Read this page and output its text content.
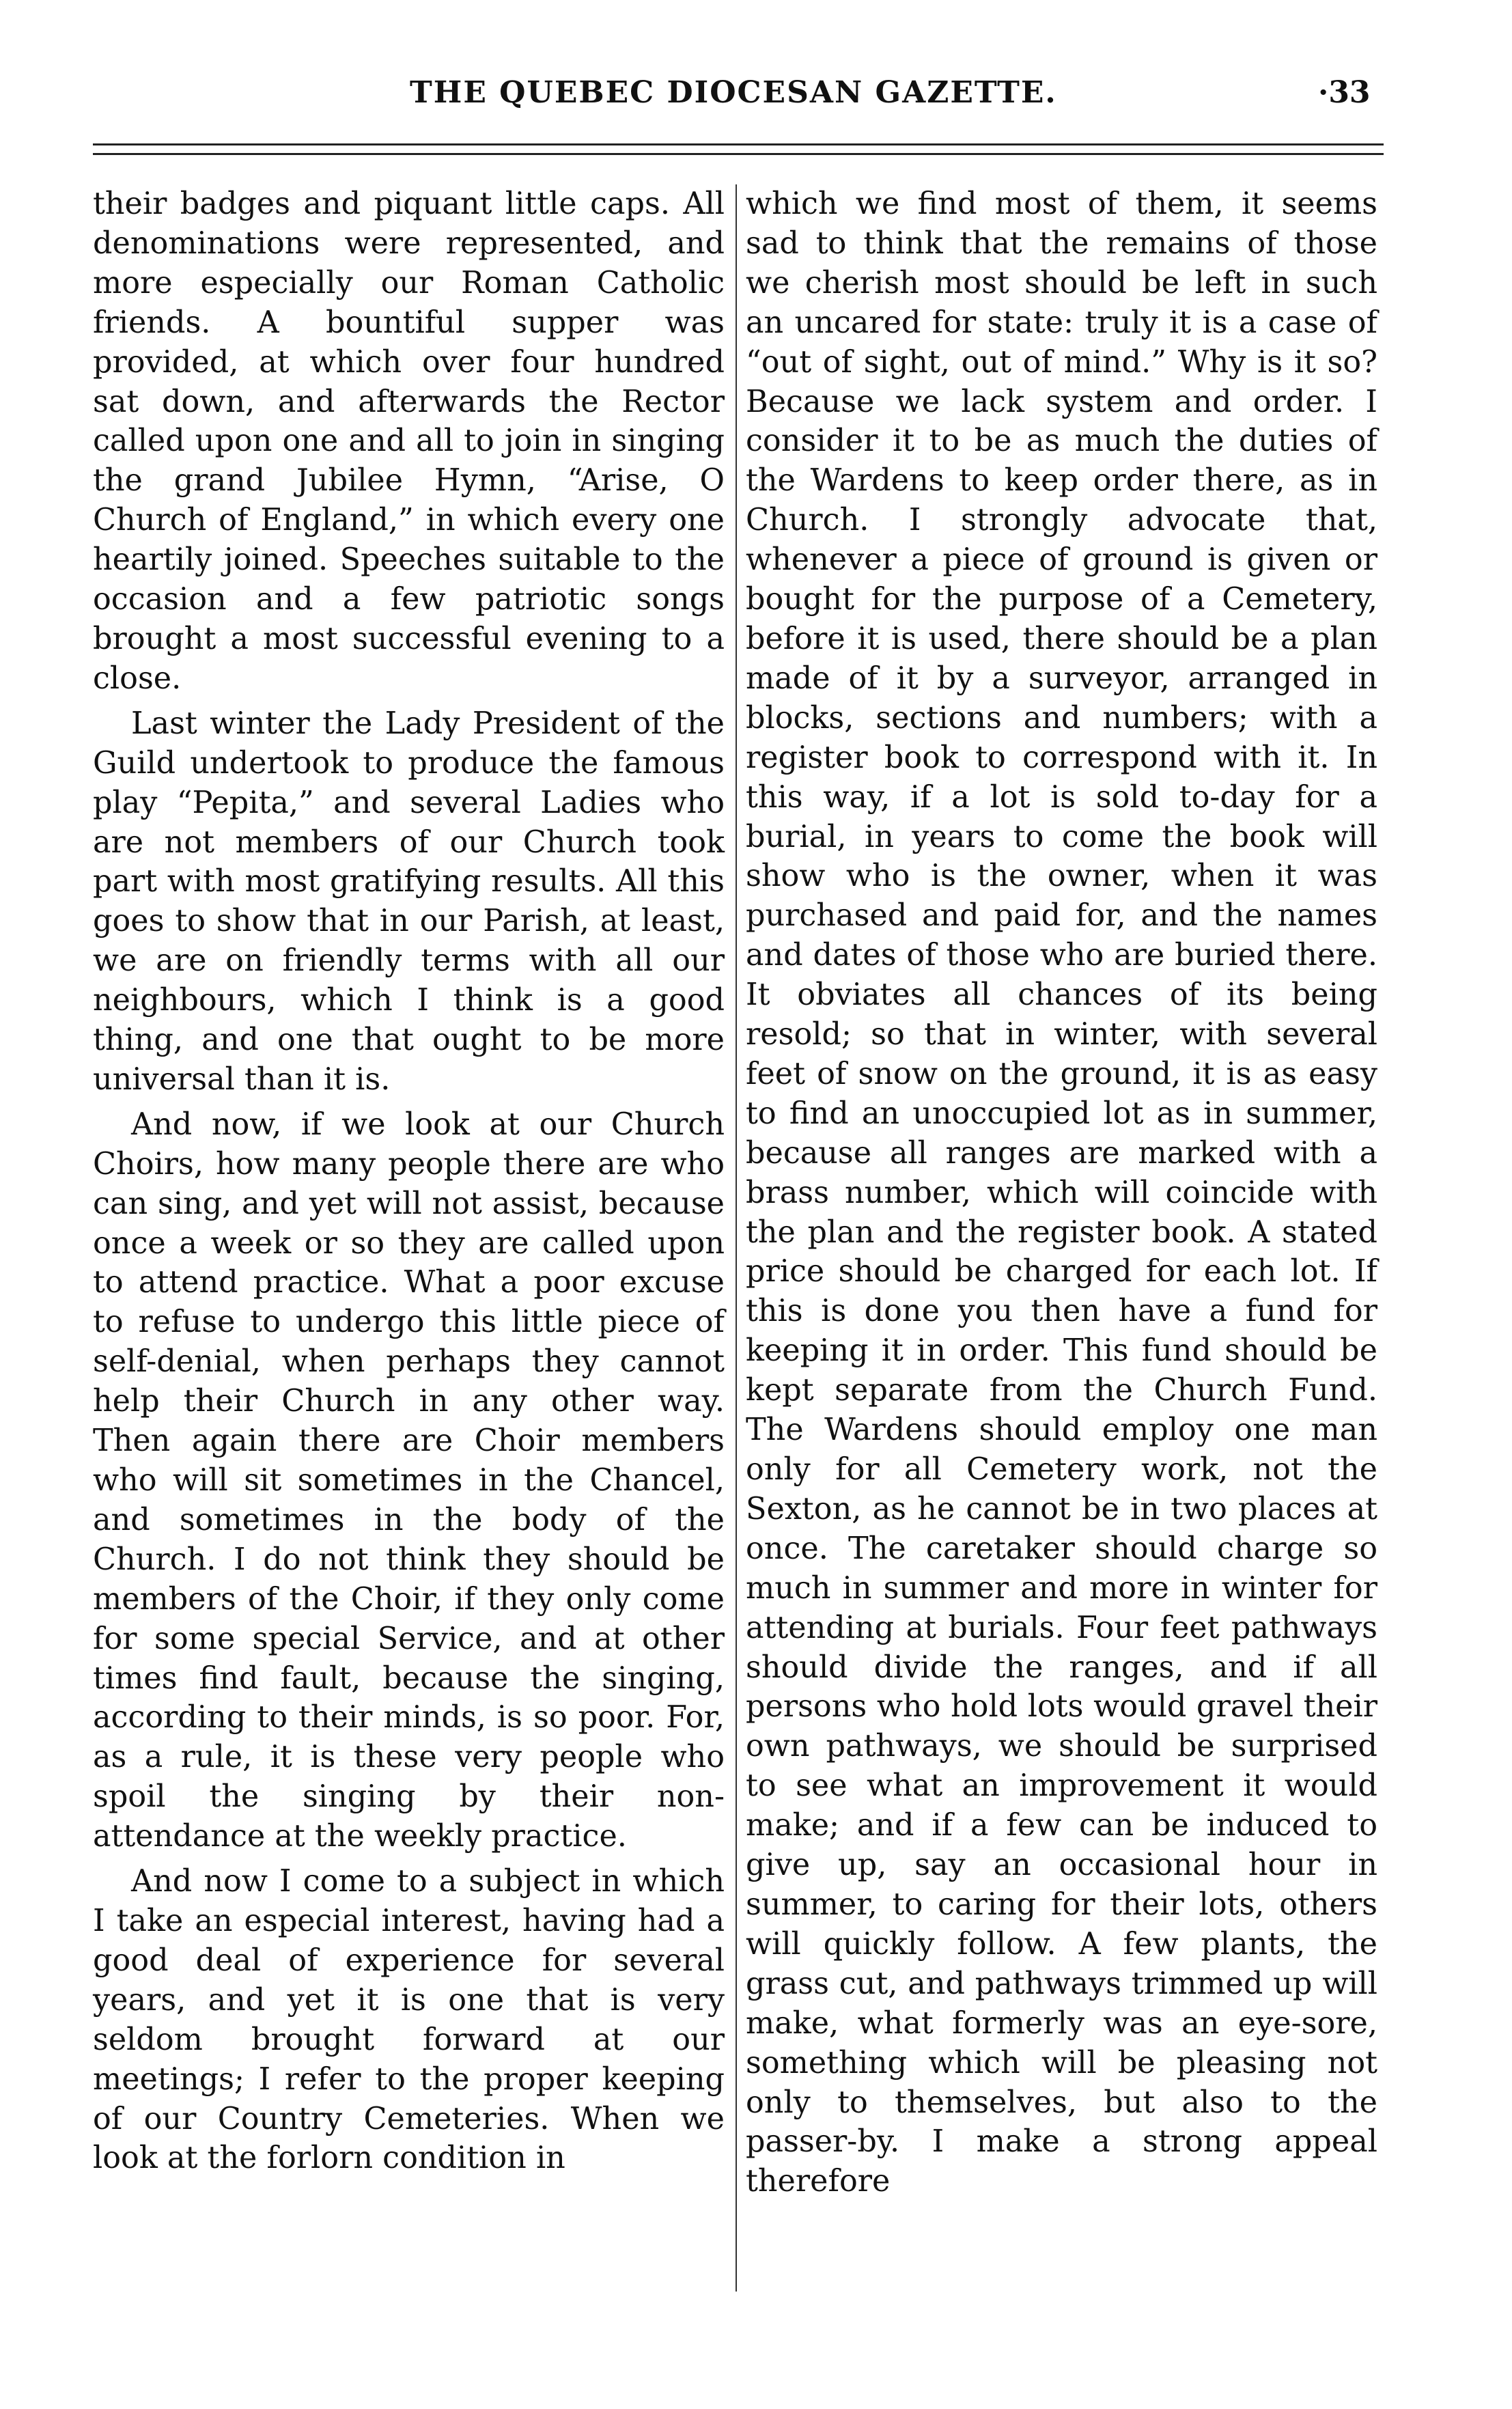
THE QUEBEC DIOCESAN GAZETTE.	·33

their badges and piquant little caps. All denominations were represented, and more especially our Roman Catholic friends. A bountiful supper was provided, at which over four hundred sat down, and afterwards the Rector called upon one and all to join in singing the grand Jubilee Hymn, “Arise, O Church of England,” in which every one heartily joined. Speeches suitable to the occasion and a few patriotic songs brought a most successful evening to a close.

Last winter the Lady President of the Guild undertook to produce the famous play “Pepita,” and several Ladies who are not members of our Church took part with most gratifying results. All this goes to show that in our Parish, at least, we are on friendly terms with all our neighbours, which I think is a good thing, and one that ought to be more universal than it is.

And now, if we look at our Church Choirs, how many people there are who can sing, and yet will not assist, because once a week or so they are called upon to attend practice. What a poor excuse to refuse to undergo this little piece of self-denial, when perhaps they cannot help their Church in any other way. Then again there are Choir members who will sit sometimes in the Chancel, and sometimes in the body of the Church. I do not think they should be members of the Choir, if they only come for some special Service, and at other times find fault, because the singing, according to their minds, is so poor. For, as a rule, it is these very people who spoil the singing by their non-attendance at the weekly practice.

And now I come to a subject in which I take an especial interest, having had a good deal of experience for several years, and yet it is one that is very seldom brought forward at our meetings; I refer to the proper keeping of our Country Cemeteries. When we look at the forlorn condition in

which we find most of them, it seems sad to think that the remains of those we cherish most should be left in such an uncared for state: truly it is a case of “out of sight, out of mind.” Why is it so? Because we lack system and order. I consider it to be as much the duties of the Wardens to keep order there, as in Church. I strongly advocate that, whenever a piece of ground is given or bought for the purpose of a Cemetery, before it is used, there should be a plan made of it by a surveyor, arranged in blocks, sections and numbers; with a register book to correspond with it. In this way, if a lot is sold to-day for a burial, in years to come the book will show who is the owner, when it was purchased and paid for, and the names and dates of those who are buried there. It obviates all chances of its being resold; so that in winter, with several feet of snow on the ground, it is as easy to find an unoccupied lot as in summer, because all ranges are marked with a brass number, which will coincide with the plan and the register book. A stated price should be charged for each lot. If this is done you then have a fund for keeping it in order. This fund should be kept separate from the Church Fund. The Wardens should employ one man only for all Cemetery work, not the Sexton, as he cannot be in two places at once. The caretaker should charge so much in summer and more in winter for attending at burials. Four feet pathways should divide the ranges, and if all persons who hold lots would gravel their own pathways, we should be surprised to see what an improvement it would make; and if a few can be induced to give up, say an occasional hour in summer, to caring for their lots, others will quickly follow. A few plants, the grass cut, and pathways trimmed up will make, what formerly was an eye-sore, something which will be pleasing not only to themselves, but also to the passer-by. I make a strong appeal therefore
